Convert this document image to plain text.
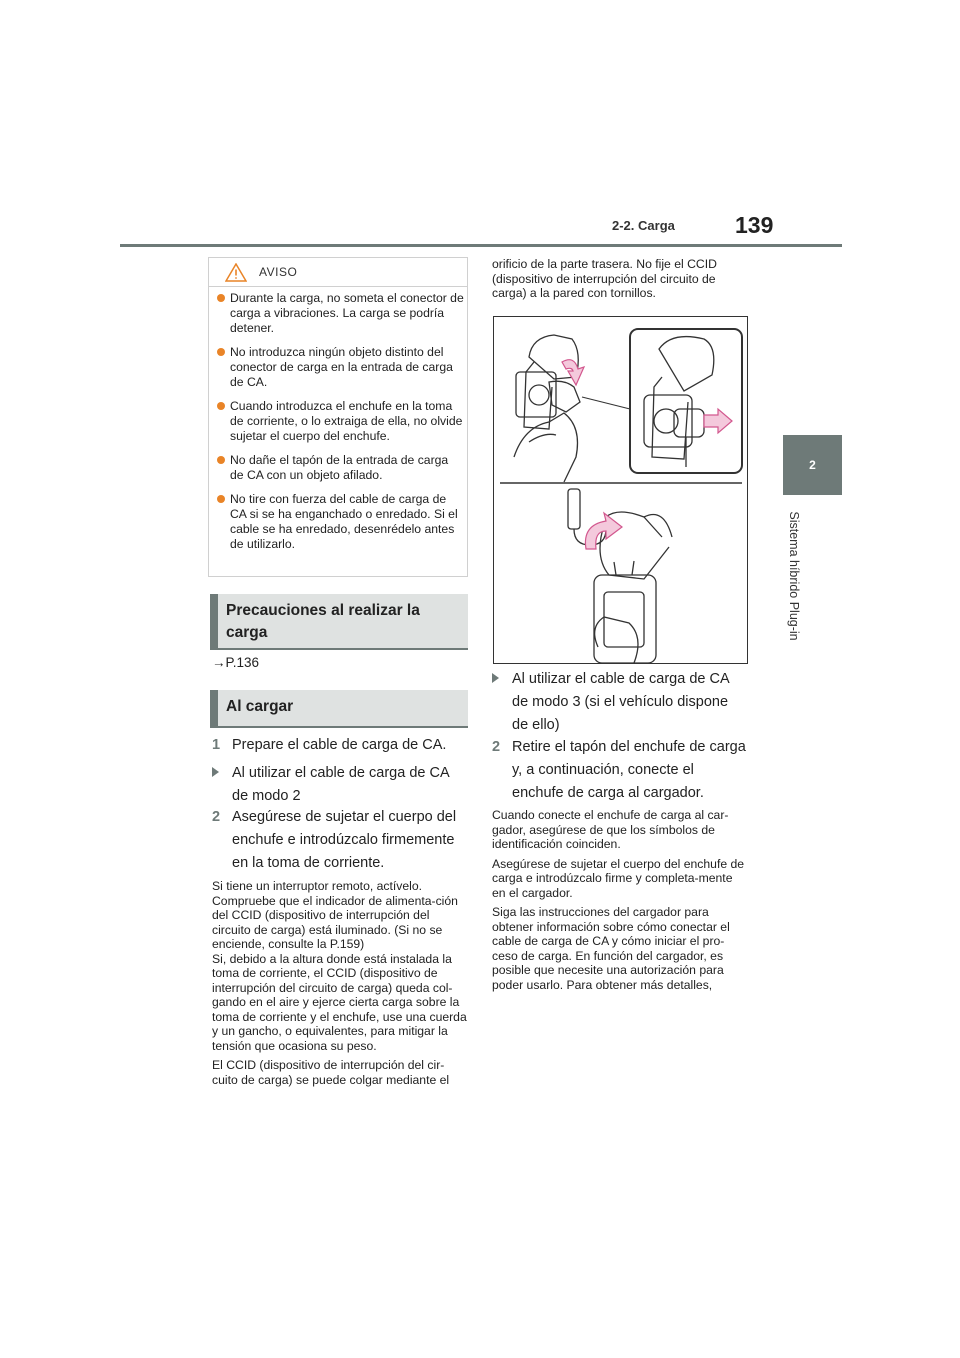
2-2. Carga	139
2
Sistema híbrido Plug-in
AVISO
Durante la carga, no someta el conector de carga a vibraciones. La carga se podría detener.
No introduzca ningún objeto distinto del conector de carga en la entrada de carga de CA.
Cuando introduzca el enchufe en la toma de corriente, o lo extraiga de ella, no olvide sujetar el cuerpo del enchufe.
No dañe el tapón de la entrada de carga de CA con un objeto afilado.
No tire con fuerza del cable de carga de CA si se ha enganchado o enredado. Si el cable se ha enredado, desenrédelo antes de utilizarlo.
Precauciones al realizar la carga
→P.136
Al cargar
1 Prepare el cable de carga de CA.
Al utilizar el cable de carga de CA de modo 2
2 Asegúrese de sujetar el cuerpo del enchufe e introdúzcalo firmemente en la toma de corriente.

Si tiene un interruptor remoto, actívelo. Compruebe que el indicador de alimenta-ción del CCID (dispositivo de interrupción del circuito de carga) está iluminado. (Si no se enciende, consulte la P.159)

Si, debido a la altura donde está instalada la toma de corriente, el CCID (dispositivo de interrupción del circuito de carga) queda col-gando en el aire y ejerce cierta carga sobre la toma de corriente y el enchufe, use una cuerda y un gancho, o equivalentes, para mitigar la tensión que ocasiona su peso.

El CCID (dispositivo de interrupción del cir-cuito de carga) se puede colgar mediante el

orificio de la parte trasera. No fije el CCID (dispositivo de interrupción del circuito de carga) a la pared con tornillos.

Al utilizar el cable de carga de CA de modo 3 (si el vehículo dispone de ello)
2 Retire el tapón del enchufe de carga y, a continuación, conecte el enchufe de carga al cargador.

Cuando conecte el enchufe de carga al car-gador, asegúrese de que los símbolos de identificación coinciden.

Asegúrese de sujetar el cuerpo del enchufe de carga e introdúzcalo firme y completa-mente en el cargador.

Siga las instrucciones del cargador para obtener información sobre cómo conectar el cable de carga de CA y cómo iniciar el pro-ceso de carga. En función del cargador, es posible que necesite una autorización para poder usarlo. Para obtener más detalles,
